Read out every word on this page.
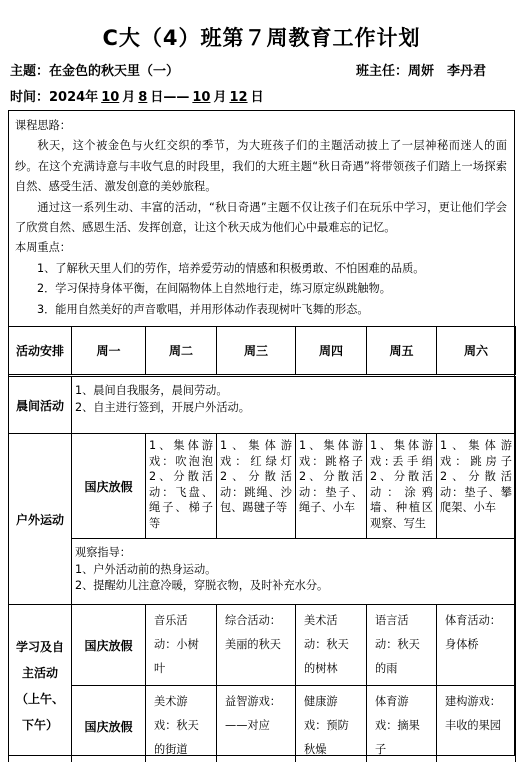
C大（4）班第７周教育工作计划
主题：在金色的秋天里（一）	班主任：周妍　李丹君
时间：2024年 10 月 8 日—— 10 月 12 日

课程思路：

秋天，这个被金色与火红交织的季节，为大班孩子们的主题活动披上了一层神秘而迷人的面纱。在这个充满诗意与丰收气息的时段里，我们的大班主题“秋日奇遇”将带领孩子们踏上一场探索自然、感受生活、激发创意的美妙旅程。

通过这一系列生动、丰富的活动，“秋日奇遇”主题不仅让孩子们在玩乐中学习，更让他们学会了欣赏自然、感恩生活、发挥创意，让这个秋天成为他们心中最难忘的记忆。

本周重点：

1、了解秋天里人们的劳作，培养爱劳动的情感和积极勇敢、不怕困难的品质。

2．学习保持身体平衡，在间隔物体上自然地行走，练习原定纵跳触物。

3．能用自然美好的声音歌唱，并用形体动作表现树叶飞舞的形态。

活动安排	周一	周二	周三	周四	周五	周六
晨间活动	1、晨间自我服务，晨间劳动。
2、自主进行签到，开展户外活动。					

户外运动	国庆放假	1、集体游戏：吹泡泡2、分散活动：飞盘、绳子、梯子等	1、集体游戏：红绿灯2、分散活动：跳绳、沙包、踢毽子等	1、集体游戏：跳格子2、分散活动：垫子、绳子、小车	1、集体游戏:丢手绢2、分散活动：涂鸦墙、种植区观察、写生	1、集体游戏：跳房子2、分散活动：垫子、攀爬架、小车

	观察指导：
1、户外活动前的热身运动。
2、提醒幼儿注意冷暖，穿脱衣物，及时补充水分。					

学习及自
主活动
（上午、
下午）	国庆放假	音乐活动：小树叶	综合活动：美丽的秋天	美术活动：秋天的树林	语言活动：秋天的雨	体育活动：身体桥
	国庆放假	美术游戏：秋天的街道	益智游戏：——对应	健康游戏：预防秋燥	体育游戏：摘果子	建构游戏：丰收的果园
